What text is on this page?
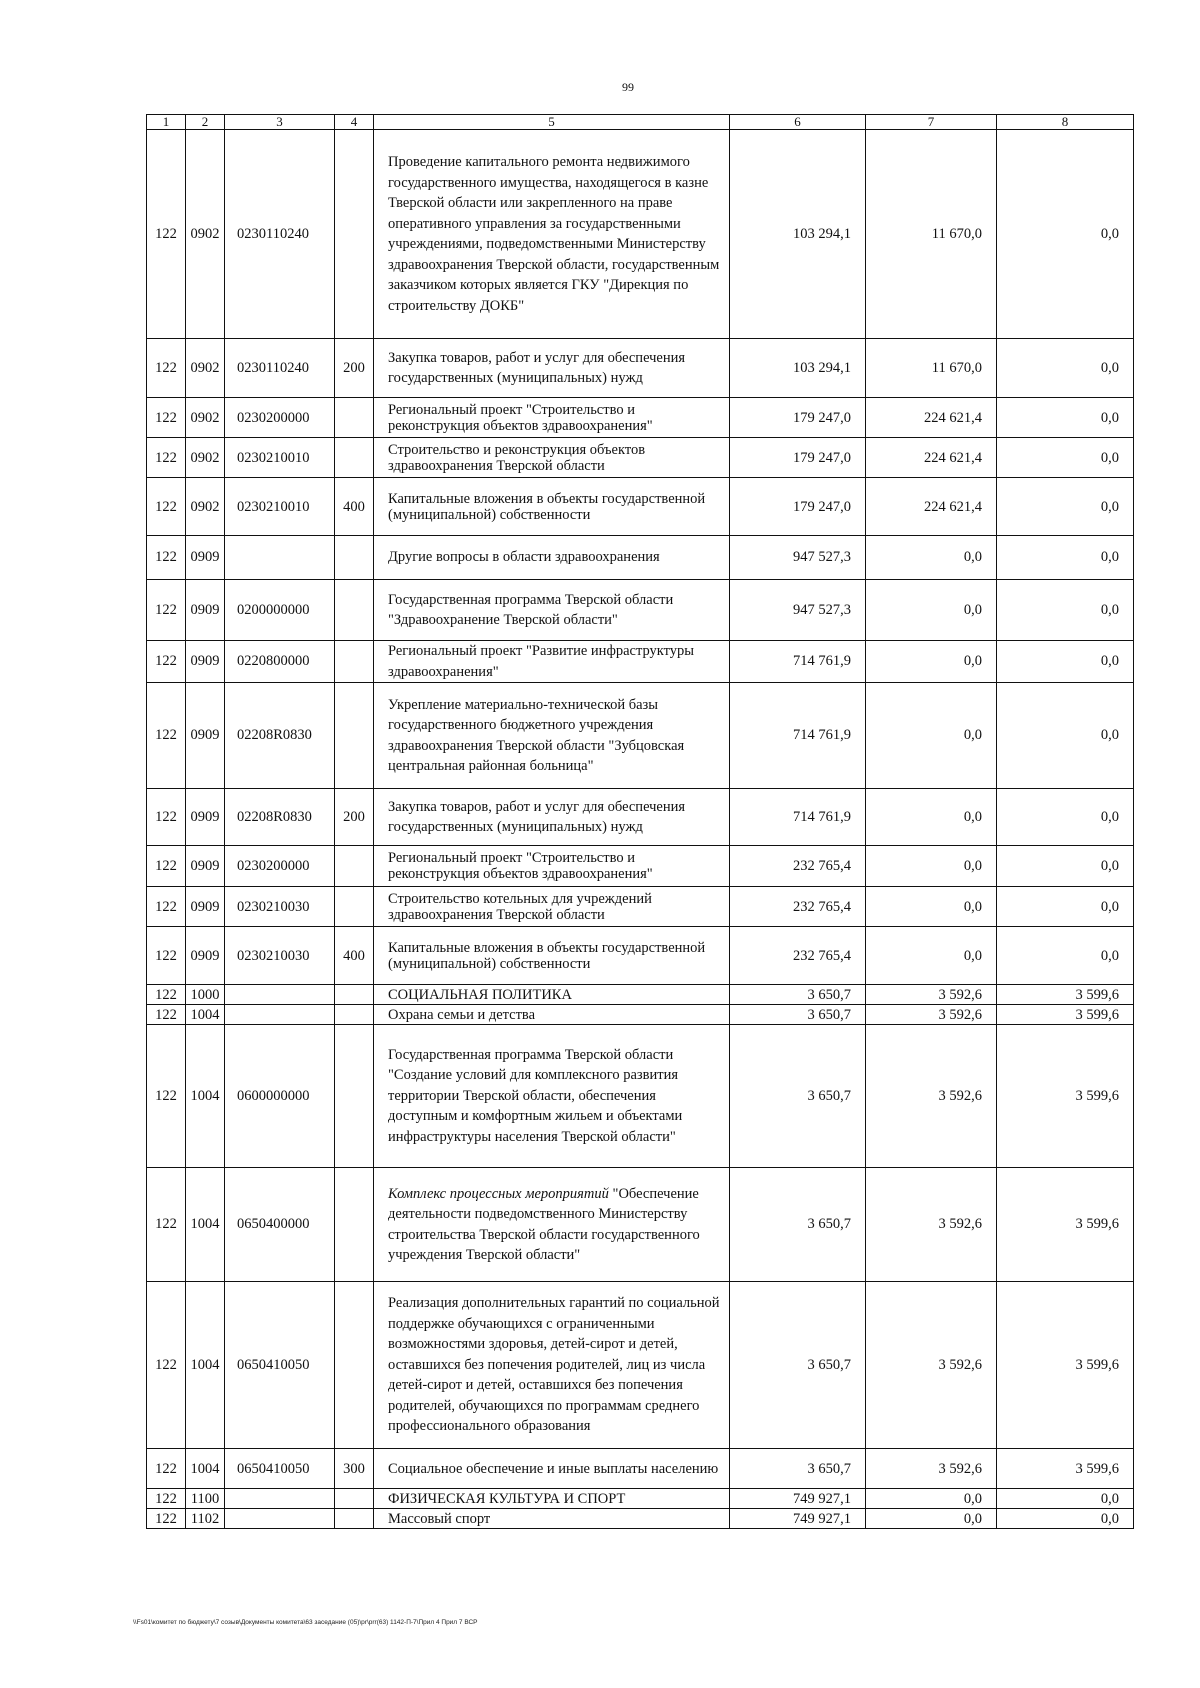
99
1	2	3	4	5	6	7	8
122	0902	0230110240		Проведение капитального ремонта недвижимого государственного имущества, находящегося в казне Тверской области или закрепленного на праве оперативного управления за государственными учреждениями, подведомственными Министерству здравоохранения Тверской области, государственным заказчиком которых является ГКУ "Дирекция по строительству ДОКБ"	103 294,1	11 670,0	0,0
122	0902	0230110240	200	Закупка товаров, работ и услуг для обеспечения государственных (муниципальных) нужд	103 294,1	11 670,0	0,0
122	0902	0230200000		Региональный проект "Строительство и реконструкция объектов здравоохранения"	179 247,0	224 621,4	0,0
122	0902	0230210010		Строительство и реконструкция объектов здравоохранения Тверской области	179 247,0	224 621,4	0,0
122	0902	0230210010	400	Капитальные вложения в объекты государственной (муниципальной) собственности	179 247,0	224 621,4	0,0
122	0909			Другие вопросы в области здравоохранения	947 527,3	0,0	0,0
122	0909	0200000000		Государственная программа Тверской области "Здравоохранение Тверской области"	947 527,3	0,0	0,0
122	0909	0220800000		Региональный проект "Развитие инфраструктуры здравоохранения"	714 761,9	0,0	0,0
122	0909	02208R0830		Укрепление материально-технической базы государственного бюджетного учреждения здравоохранения Тверской области "Зубцовская центральная районная больница"	714 761,9	0,0	0,0
122	0909	02208R0830	200	Закупка товаров, работ и услуг для обеспечения государственных (муниципальных) нужд	714 761,9	0,0	0,0
122	0909	0230200000		Региональный проект "Строительство и реконструкция объектов здравоохранения"	232 765,4	0,0	0,0
122	0909	0230210030		Строительство котельных для учреждений здравоохранения Тверской области	232 765,4	0,0	0,0
122	0909	0230210030	400	Капитальные вложения в объекты государственной (муниципальной) собственности	232 765,4	0,0	0,0
122	1000			СОЦИАЛЬНАЯ ПОЛИТИКА	3 650,7	3 592,6	3 599,6
122	1004			Охрана семьи и детства	3 650,7	3 592,6	3 599,6
122	1004	0600000000		Государственная программа Тверской области "Создание условий для комплексного развития территории Тверской области, обеспечения доступным и комфортным жильем и объектами инфраструктуры населения Тверской области"	3 650,7	3 592,6	3 599,6
122	1004	0650400000		Комплекс процессных мероприятий "Обеспечение деятельности подведомственного Министерству строительства Тверской области государственного учреждения Тверской области"	3 650,7	3 592,6	3 599,6
122	1004	0650410050		Реализация дополнительных гарантий по социальной поддержке обучающихся с ограниченными возможностями здоровья, детей-сирот и детей, оставшихся без попечения родителей, лиц из числа детей-сирот и детей, оставшихся без попечения родителей, обучающихся по программам среднего профессионального образования	3 650,7	3 592,6	3 599,6
122	1004	0650410050	300	Социальное обеспечение и иные выплаты населению	3 650,7	3 592,6	3 599,6
122	1100			ФИЗИЧЕСКАЯ КУЛЬТУРА И СПОРТ	749 927,1	0,0	0,0
122	1102			Массовый спорт	749 927,1	0,0	0,0
\\Fs01\комитет по бюджету\7 созыв\Документы комитета\63 заседание (05)\pr\prr(63) 1142-П-7\Прил 4 Прил 7 ВСР
